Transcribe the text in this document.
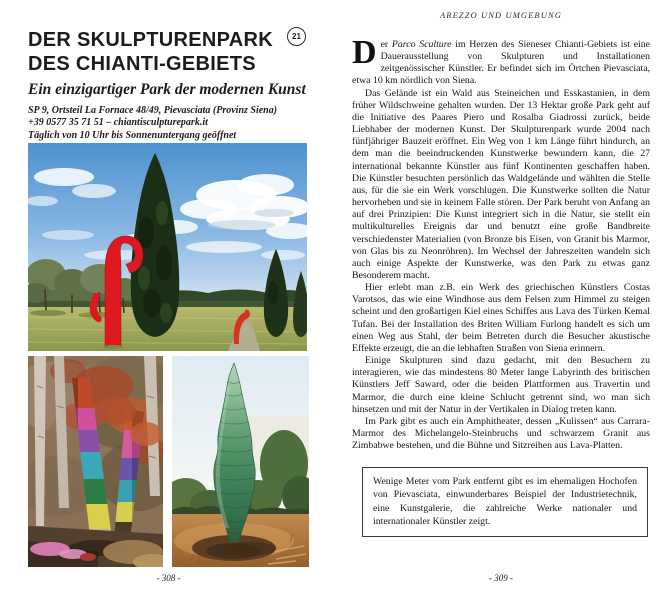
DER SKULPTURENPARK
DES CHIANTI-GEBIETS
21
Ein einzigartiger Park der modernen Kunst
SP 9, Ortsteil La Fornace 48/49, Pievasciata (Provinz Siena)
+39 0577 35 71 51 – chiantisculpturepark.it
Täglich von 10 Uhr bis Sonnenuntergang geöffnet
AREZZO UND UMGEBUNG

Der Parco Sculture im Herzen des Sieneser Chianti-Gebiets ist eine Dauerausstellung von Skulpturen und Installationen zeitgenössischer Künstler. Er befindet sich im Örtchen Pievasciata, etwa 10 km nördlich von Siena.

Das Gelände ist ein Wald aus Steineichen und Esskastanien, in dem früher Wildschweine gehalten wurden. Der 13 Hektar große Park geht auf die Initiative des Paares Piero und Rosalba Giadrossi zurück, beide Liebhaber der modernen Kunst. Der Skulpturenpark wurde 2004 nach fünfjähriger Bauzeit eröffnet. Ein Weg von 1 km Länge führt hindurch, an dem man die beeindruckenden Kunstwerke bewundern kann, die 27 international bekannte Künstler aus fünf Kontinenten geschaffen haben. Die Künstler besuchten persönlich das Waldgelände und wählten die Stelle aus, für die sie ein Werk vorschlugen. Die Kunstwerke sollten die Natur hervorheben und sie in keinem Falle stören. Der Park beruht von Anfang an auf drei Prinzipien: Die Kunst integriert sich in die Natur, sie stellt ein multikulturelles Ereignis dar und benutzt eine große Bandbreite verschiedenster Materialien (von Bronze bis Eisen, von Granit bis Marmor, von Glas bis zu Neonröhren). Im Wechsel der Jahreszeiten wandeln sich auch einige Aspekte der Kunstwerke, was den Park zu etwas ganz Besonderem macht.

Hier erlebt man z.B. ein Werk des griechischen Künstlers Costas Varotsos, das wie eine Windhose aus dem Felsen zum Himmel zu steigen scheint und den großartigen Kiel eines Schiffes aus Lava des Türken Kemal Tufan. Bei der Installation des Briten William Furlong handelt es sich um einen Weg aus Stahl, der beim Betreten durch die Besucher akustische Effekte erzeugt, die an die lebhaften Straßen von Siena erinnern.

Einige Skulpturen sind dazu gedacht, mit den Besuchern zu interagieren, wie das mindestens 80 Meter lange Labyrinth des britischen Künstlers Jeff Saward, oder die beiden Plattformen aus Travertin und Marmor, die durch eine kleine Schlucht getrennt sind, wo man sich hinsetzen und mit der Natur in der Vertikalen in Dialog treten kann.

Im Park gibt es auch ein Amphitheater, dessen „Kulissen“ aus Carrara-Marmor des Michelangelo-Steinbruchs und schwarzem Granit aus Zimbabwe bestehen, und die Bühne und Sitzreihen aus Lava-Platten.

Wenige Meter vom Park entfernt gibt es im ehemaligen Hochofen von Pievasciata, einwunderbares Beispiel der Industrietechnik, eine Kunstgalerie, die zahlreiche Werke nationaler und internationaler Künstler zeigt.
- 308 -	- 309 -
